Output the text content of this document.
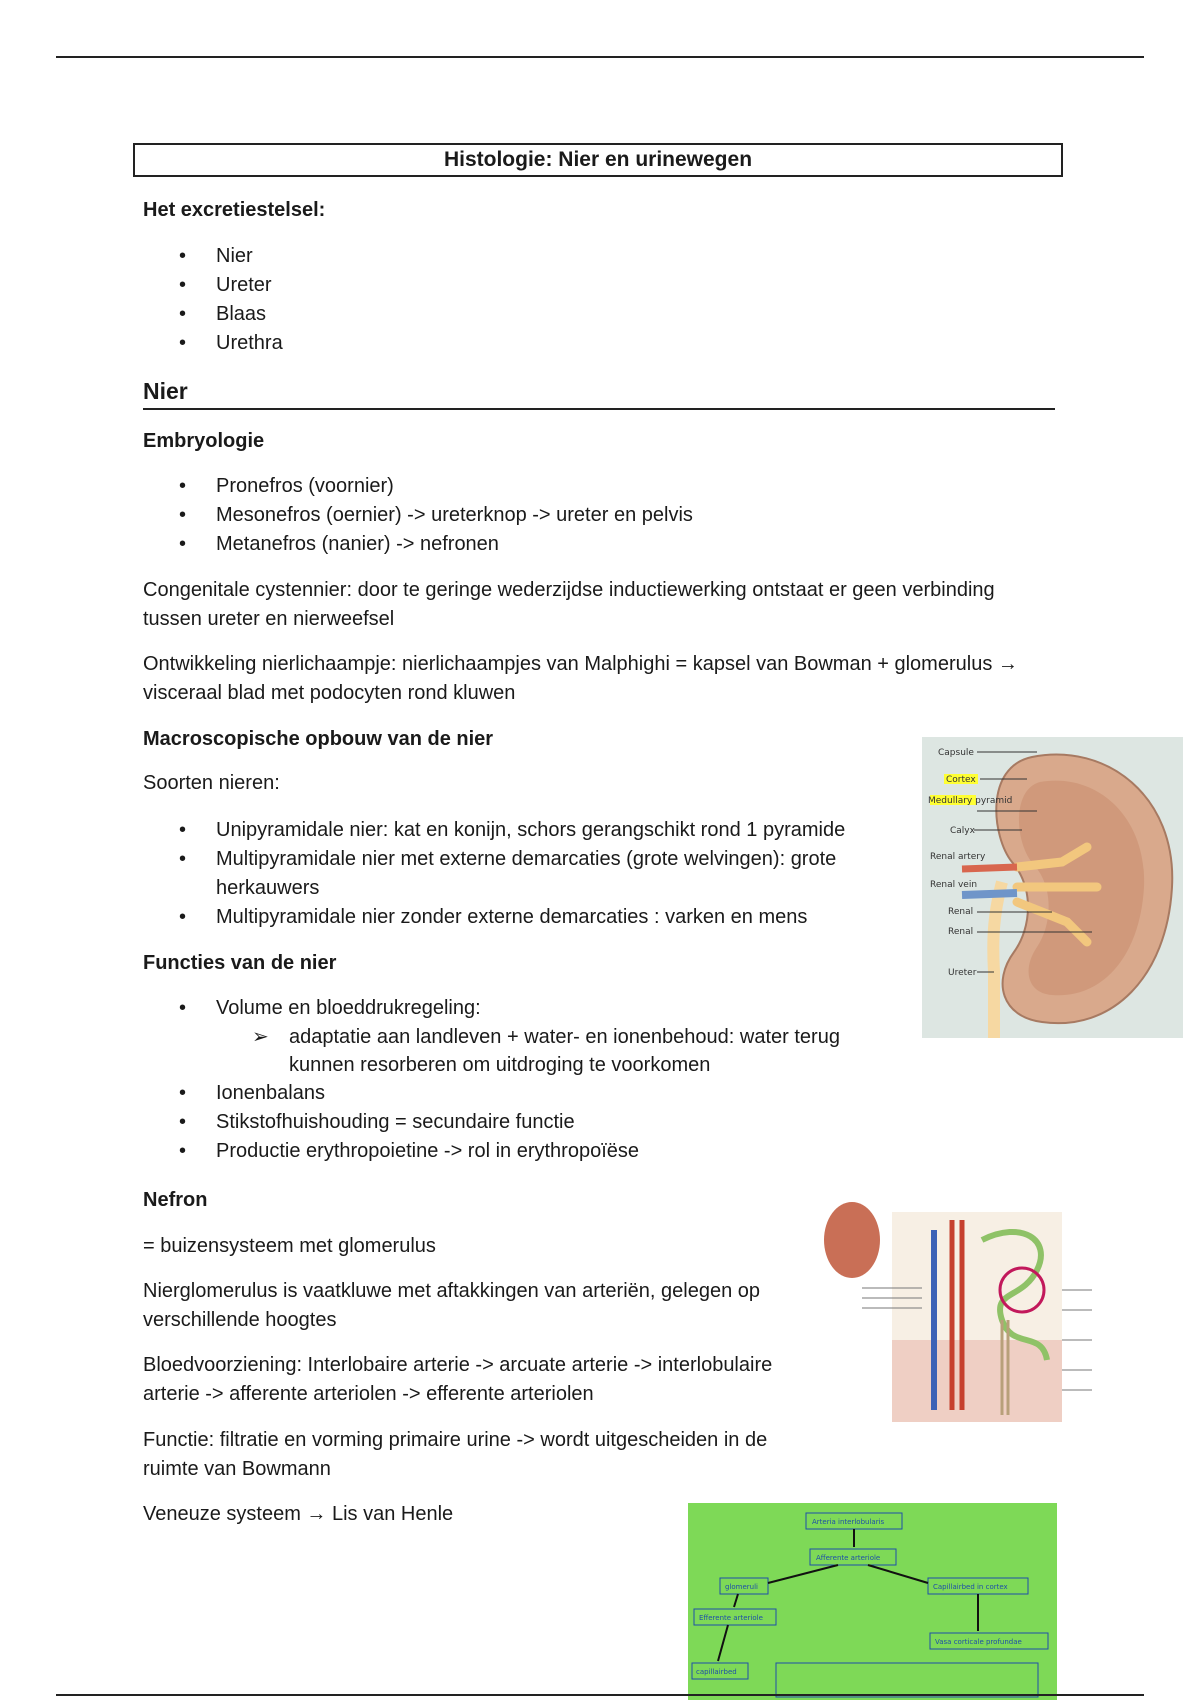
Histologie: Nier en urinewegen
Het excretiestelsel:
• Nier
• Ureter
• Blaas
• Urethra
Nier
Embryologie
• Pronefros (voornier)
• Mesonefros (oernier) -> ureterknop -> ureter en pelvis
• Metanefros (nanier) -> nefronen

Congenitale cystennier: door te geringe wederzijdse inductiewerking ontstaat er geen verbinding tussen ureter en nierweefsel

Ontwikkeling nierlichaampje: nierlichaampjes van Malphighi = kapsel van Bowman + glomerulus → visceraal blad met podocyten rond kluwen

Macroscopische opbouw van de nier
Soorten nieren:
• Unipyramidale nier: kat en konijn, schors gerangschikt rond 1 pyramide
• Multipyramidale nier met externe demarcaties (grote welvingen): grote herkauwers
• Multipyramidale nier zonder externe demarcaties : varken en mens
Functies van de nier
• Volume en bloeddrukregeling:
➢ adaptatie aan landleven + water- en ionenbehoud: water terug kunnen resorberen om uitdroging te voorkomen
• Ionenbalans
• Stikstofhuishouding = secundaire functie
• Productie erythropoietine -> rol in erythropoïëse
Nefron

= buizensysteem met glomerulus

Nierglomerulus is vaatkluwe met aftakkingen van arteriën, gelegen op verschillende hoogtes

Bloedvoorziening: Interlobaire arterie -> arcuate arterie -> interlobulaire arterie -> afferente arteriolen -> efferente arteriolen

Functie: filtratie en vorming primaire urine -> wordt uitgescheiden in de ruimte van Bowmann

Veneuze systeem → Lis van Henle

Capsule
Cortex
Medullary pyramid
Calyx
Renal artery
Renal vein
Renal
Renal
Ureter
Arteria interlobularis
Afferente arteriole
glomeruli	Capillairbed in cortex
Efferente arteriole
Vasa corticale profundae
capillairbed
